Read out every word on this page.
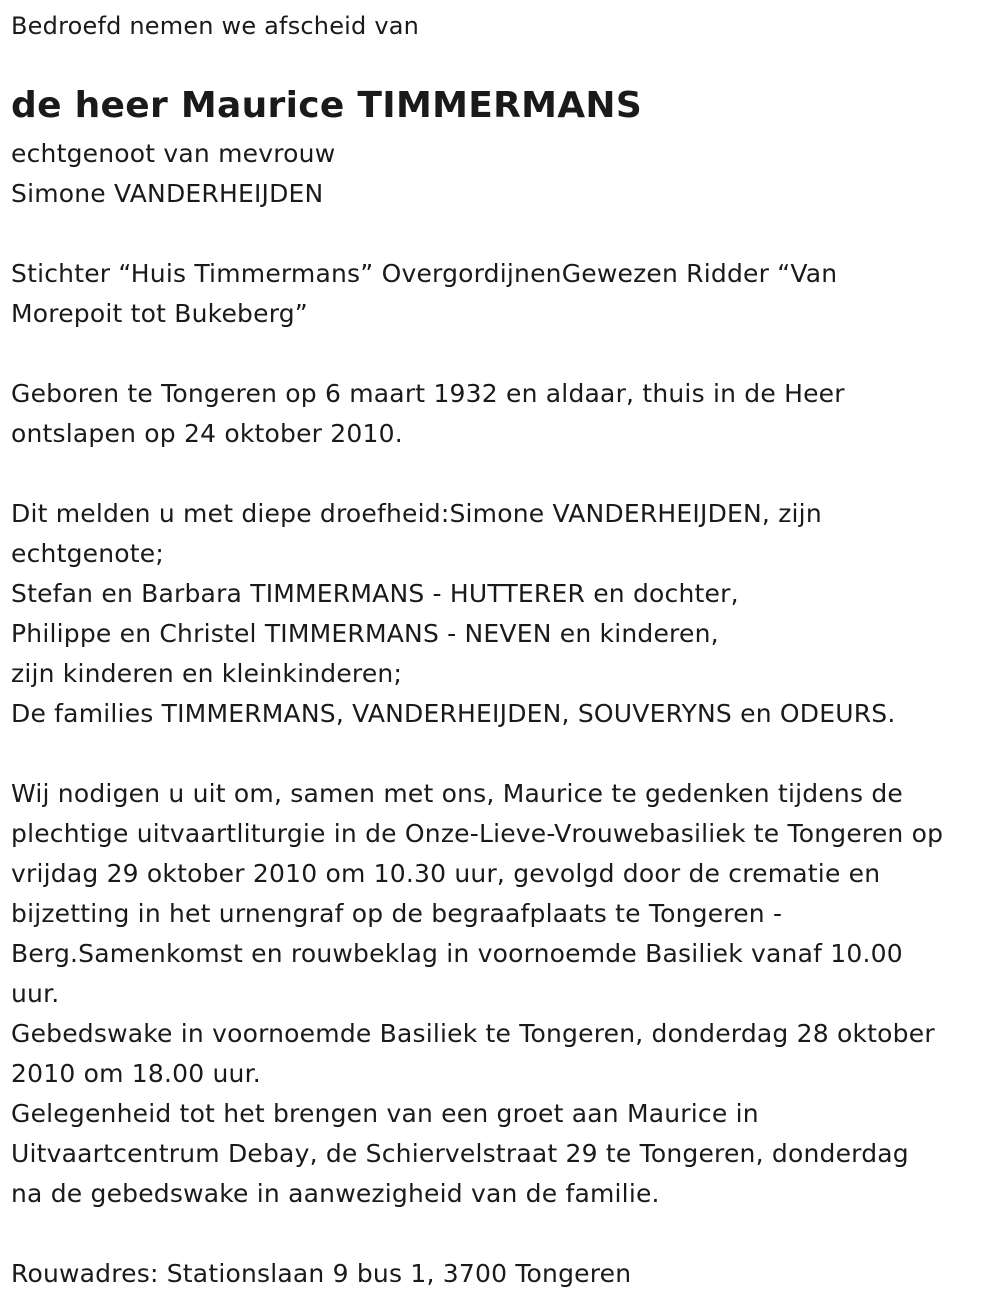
Bedroefd nemen we afscheid van
de heer Maurice TIMMERMANS
echtgenoot van mevrouw
Simone VANDERHEIJDEN
Stichter “Huis Timmermans” OvergordijnenGewezen Ridder “Van
Morepoit tot Bukeberg”
Geboren te Tongeren op 6 maart 1932 en aldaar, thuis in de Heer
ontslapen op 24 oktober 2010.
Dit melden u met diepe droefheid:Simone VANDERHEIJDEN, zijn
echtgenote;
Stefan en Barbara TIMMERMANS - HUTTERER en dochter,
Philippe en Christel TIMMERMANS - NEVEN en kinderen,
zijn kinderen en kleinkinderen;
De families TIMMERMANS, VANDERHEIJDEN, SOUVERYNS en ODEURS.
Wij nodigen u uit om, samen met ons, Maurice te gedenken tijdens de
plechtige uitvaartliturgie in de Onze-Lieve-Vrouwebasiliek te Tongeren op
vrijdag 29 oktober 2010 om 10.30 uur, gevolgd door de crematie en
bijzetting in het urnengraf op de begraafplaats te Tongeren -
Berg.Samenkomst en rouwbeklag in voornoemde Basiliek vanaf 10.00
uur.
Gebedswake in voornoemde Basiliek te Tongeren, donderdag 28 oktober
2010 om 18.00 uur.
Gelegenheid tot het brengen van een groet aan Maurice in
Uitvaartcentrum Debay, de Schiervelstraat 29 te Tongeren, donderdag
na de gebedswake in aanwezigheid van de familie.
Rouwadres: Stationslaan 9 bus 1, 3700 Tongeren
